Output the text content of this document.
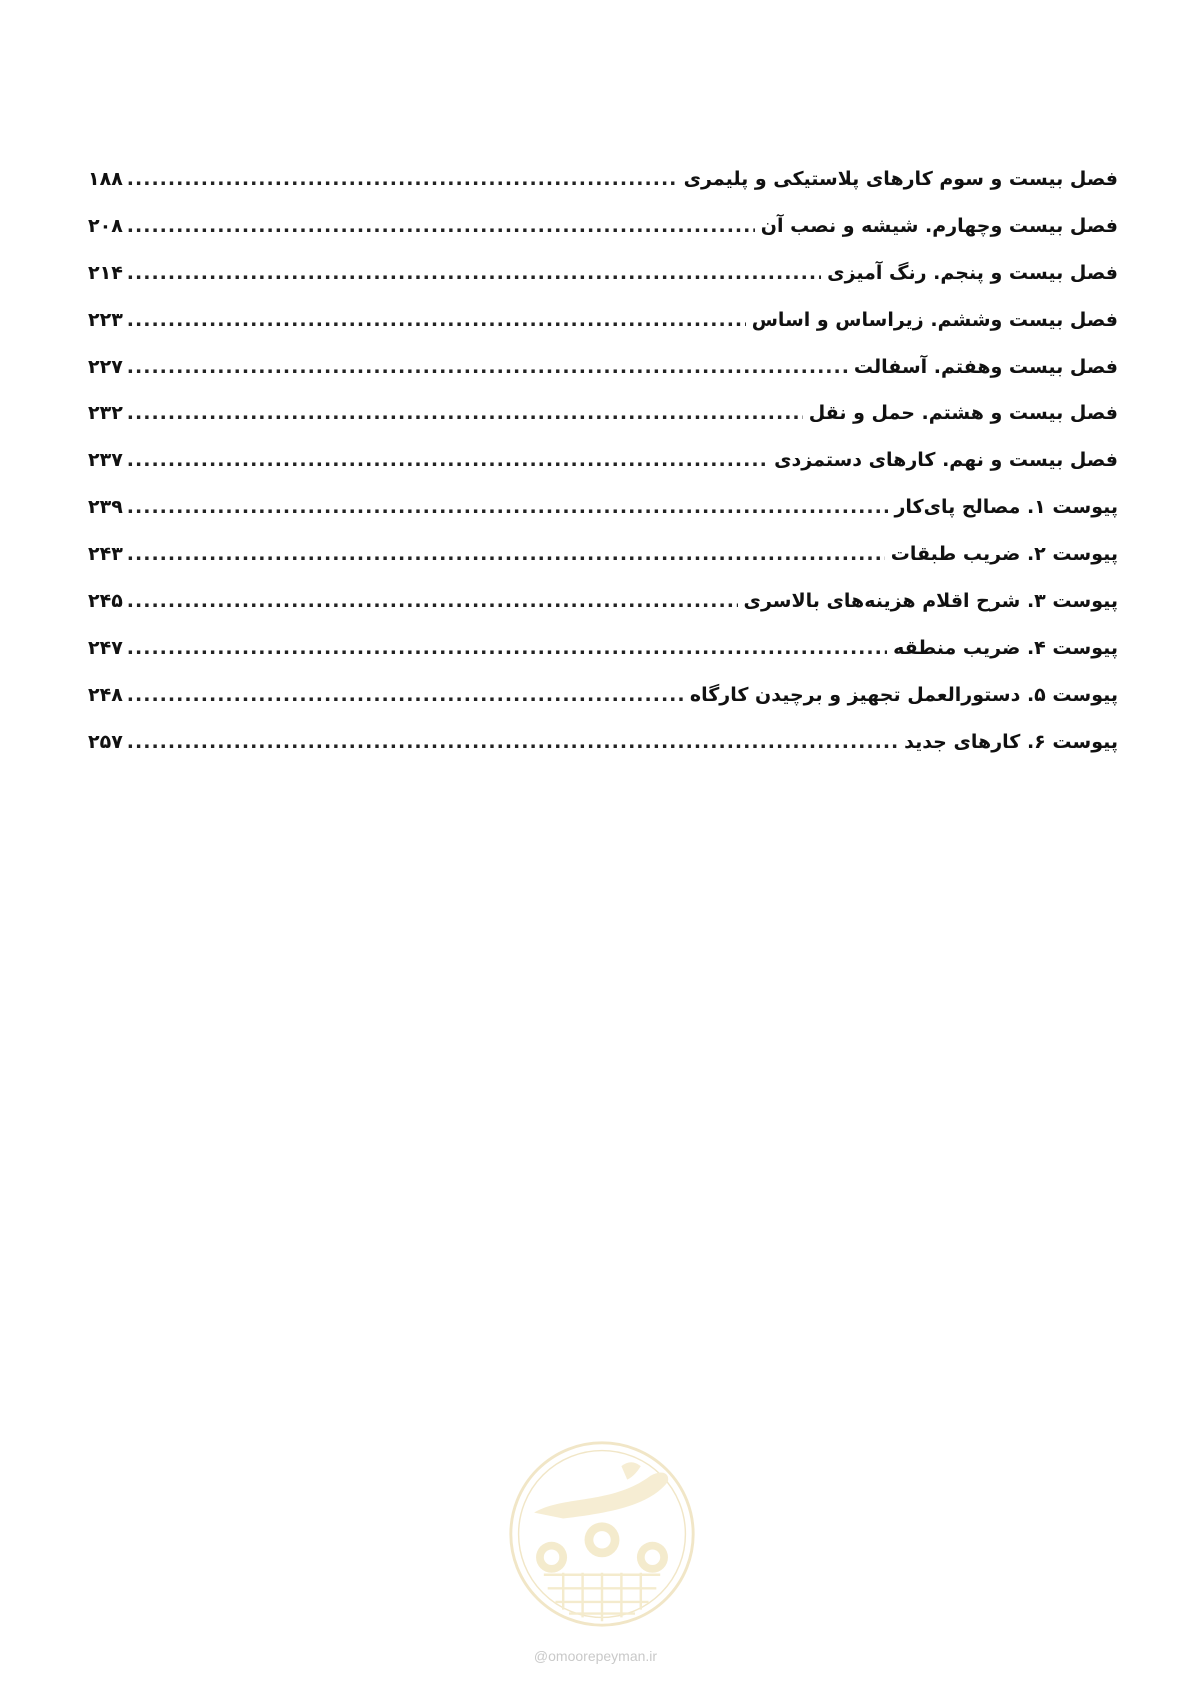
فصل بیست و سوم کارهای پلاستیکی و پلیمری
.....
۱۸۸
فصل بیست وچهارم. شیشه و نصب آن
.....
۲۰۸
فصل بیست و پنجم. رنگ آمیزی
.....
۲۱۴
فصل بیست وششم. زیراساس و اساس
.....
۲۲۳
فصل بیست وهفتم. آسفالت
.....
۲۲۷
فصل بیست و هشتم. حمل و نقل
.....
۲۳۲
فصل بیست و نهم. کارهای دستمزدی
.....
۲۳۷
پیوست ۱. مصالح پای‌کار
.....
۲۳۹
پیوست ۲. ضریب طبقات
.....
۲۴۳
پیوست ۳. شرح اقلام هزینه‌های بالاسری
.....
۲۴۵
پیوست ۴. ضریب منطقه
.....
۲۴۷
پیوست ۵. دستورالعمل تجهیز و برچیدن کارگاه
.....
۲۴۸
پیوست ۶. کارهای جدید
.....
۲۵۷
@omoorepeyman.ir
